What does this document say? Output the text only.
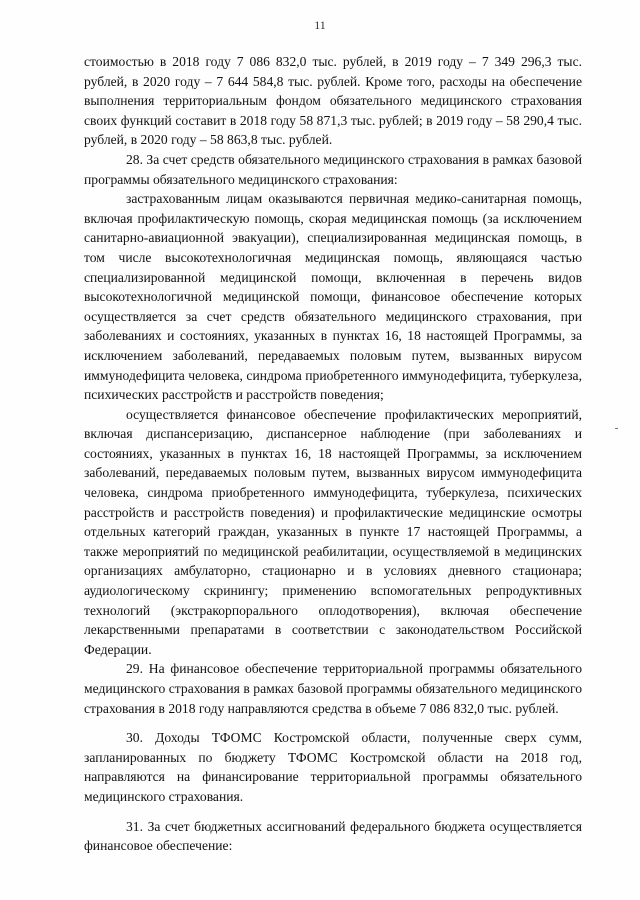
11

стоимостью в 2018 году 7 086 832,0 тыс. рублей, в 2019 году – 7 349 296,3 тыс. рублей, в 2020 году – 7 644 584,8 тыс. рублей. Кроме того, расходы на обеспечение выполнения территориальным фондом обязательного медицинского страхования своих функций составит в 2018 году 58 871,3 тыс. рублей; в 2019 году – 58 290,4 тыс. рублей, в 2020 году – 58 863,8 тыс. рублей.

28. За счет средств обязательного медицинского страхования в рамках базовой программы обязательного медицинского страхования:

застрахованным лицам оказываются первичная медико-санитарная помощь, включая профилактическую помощь, скорая медицинская помощь (за исключением санитарно-авиационной эвакуации), специализированная медицинская помощь, в том числе высокотехнологичная медицинская помощь, являющаяся частью специализированной медицинской помощи, включенная в перечень видов высокотехнологичной медицинской помощи, финансовое обеспечение которых осуществляется за счет средств обязательного медицинского страхования, при заболеваниях и состояниях, указанных в пунктах 16, 18 настоящей Программы, за исключением заболеваний, передаваемых половым путем, вызванных вирусом иммунодефицита человека, синдрома приобретенного иммунодефицита, туберкулеза, психических расстройств и расстройств поведения;

осуществляется финансовое обеспечение профилактических мероприятий, включая диспансеризацию, диспансерное наблюдение (при заболеваниях и состояниях, указанных в пунктах 16, 18 настоящей Программы, за исключением заболеваний, передаваемых половым путем, вызванных вирусом иммунодефицита человека, синдрома приобретенного иммунодефицита, туберкулеза, психических расстройств и расстройств поведения) и профилактические медицинские осмотры отдельных категорий граждан, указанных в пункте 17 настоящей Программы, а также мероприятий по медицинской реабилитации, осуществляемой в медицинских организациях амбулаторно, стационарно и в условиях дневного стационара; аудиологическому скринингу; применению вспомогательных репродуктивных технологий (экстракорпорального оплодотворения), включая обеспечение лекарственными препаратами в соответствии с законодательством Российской Федерации.

29. На финансовое обеспечение территориальной программы обязательного медицинского страхования в рамках базовой программы обязательного медицинского страхования в 2018 году направляются средства в объеме 7 086 832,0 тыс. рублей.

30. Доходы ТФОМС Костромской области, полученные сверх сумм, запланированных по бюджету ТФОМС Костромской области на 2018 год, направляются на финансирование территориальной программы обязательного медицинского страхования.

31. За счет бюджетных ассигнований федерального бюджета осуществляется финансовое обеспечение:
